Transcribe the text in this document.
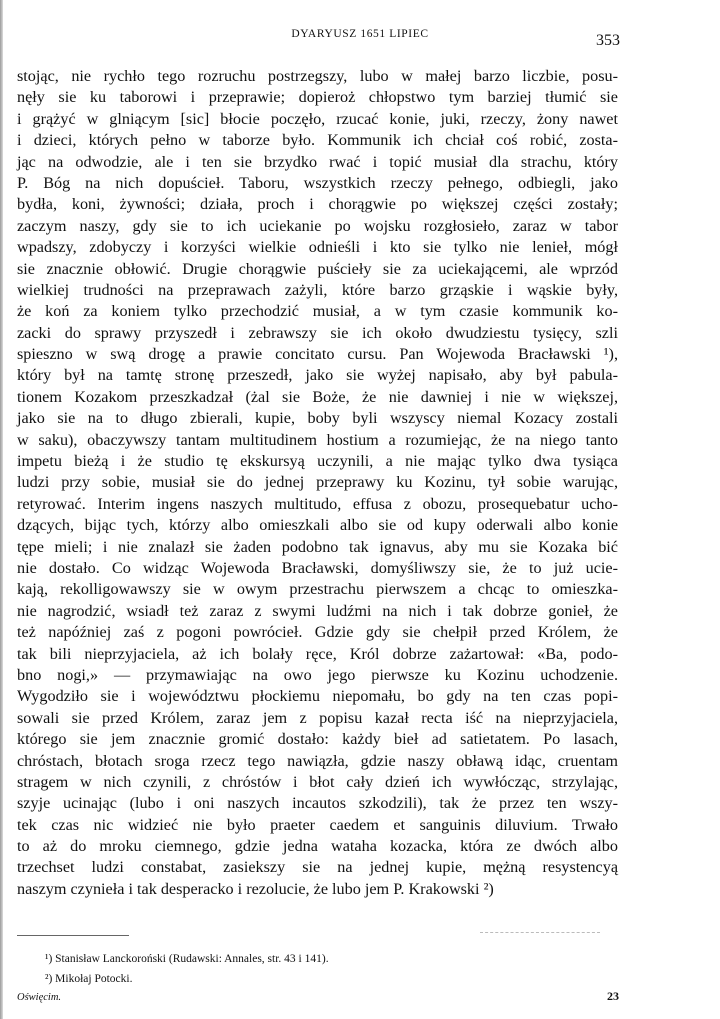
DYARYUSZ 1651 LIPIEC	353
stojąc, nie rychło tego rozruchu postrzegszy, lubo w małej barzo liczbie, posu-
nęły sie ku taborowi i przeprawie; dopieroż chłopstwo tym barziej tłumić sie
i grążyć w glniącym [sic] błocie poczęło, rzucać konie, juki, rzeczy, żony nawet
i dzieci, których pełno w taborze było. Kommunik ich chciał coś robić, zosta-
jąc na odwodzie, ale i ten sie brzydko rwać i topić musiał dla strachu, który
P. Bóg na nich dopuścieł. Taboru, wszystkich rzeczy pełnego, odbiegli, jako
bydła, koni, żywności; działa, proch i chorągwie po większej części zostały;
zaczym naszy, gdy sie to ich uciekanie po wojsku rozgłosieło, zaraz w tabor
wpadszy, zdobyczy i korzyści wielkie odnieśli i kto sie tylko nie lenieł, mógł
sie znacznie obłowić. Drugie chorągwie puściełу sie za uciekającemi, ale wprzód
wielkiej trudności na przeprawach zażyli, które barzo grząskie i wąskie były,
że koń za koniem tylko przechodzić musiał, a w tym czasie kommunik ko-
zacki do sprawy przyszedł i zebrawszy sie ich około dwudziestu tysięcy, szli
spiesznо w swą drogę a prawie concitato cursu. Pan Wojewoda Bracławski ¹),
który był na tamtę stronę przeszedł, jako sie wyżej napisało, aby był pabula-
tionem Kozakom przeszkadzał (żal sie Boże, że nie dawniej i nie w większej,
jako sie na to długo zbierali, kupie, boby byli wszyscy niemal Kozacy zostali
w saku), obaczywszy tantam multitudinem hostium a rozumiejąc, że na niego tanto
impetu bieżą i że studio tę ekskursyą uczynili, a nie mając tylko dwa tysiąca
ludzi przy sobie, musiał sie do jednej przeprawy ku Kozinu, tył sobie warując,
retyrować. Interim ingens naszych multitudo, effusa z obozu, prosequebatur ucho-
dzących, bijąc tych, którzy albo omieszkali albo sie od kupy oderwali albo konie
tępe mieli; i nie znalazł sie żaden podobno tak ignavus, aby mu sie Kozaka bić
nie dostało. Co widząc Wojewoda Bracławski, domyśliwszy sie, że to już ucie-
kają, rekolligowawszy sie w owym przestrachu pierwszem a chcąc to omieszka-
nie nagrodzić, wsiadł też zaraz z swymi ludźmi na nich i tak dobrze gonieł, że
też napóźniej zaś z pogoni powrócieł. Gdzie gdy sie chełpił przed Królem, że
tak bili nieprzyjaciela, aż ich bolały ręce, Król dobrze zażartował: «Ba, podo-
bno nogi,» — przymawiając na owo jego pierwsze ku Kozinu uchodzenie.
Wygodziło sie i województwu płockiemu niepomału, bo gdy na ten czas popi-
sowali sie przed Królem, zaraz jem z popisu kazał recta iść na nieprzyjaciela,
którego sie jem znacznie gromić dostało: każdy bieł ad satietatem. Po lasach,
chróstach, błotach sroga rzecz tego nawiązła, gdzie naszy obławą idąc, cruentam
stragem w nich czynili, z chróstów i błot cały dzień ich wywłócząc, strzylając,
szyje ucinając (lubo i oni naszych incautos szkodzili), tak że przez ten wszy-
tek czas nic widzieć nie było praeter caedem et sanguinis diluvium. Trwało
to aż do mroku ciemnego, gdzie jedna wataha kozacka, która ze dwóch albo
trzechset ludzi constabat, zasiekszy sie na jednej kupie, mężną resystencyą
naszym czyniełа i tak desperacko i rezolucie, że lubo jem P. Krakowski ²)
¹) Stanisław Lanckoroński (Rudawski: Annales, str. 43 i 141).
²) Mikołaj Potocki.
Oświęcim.	23
